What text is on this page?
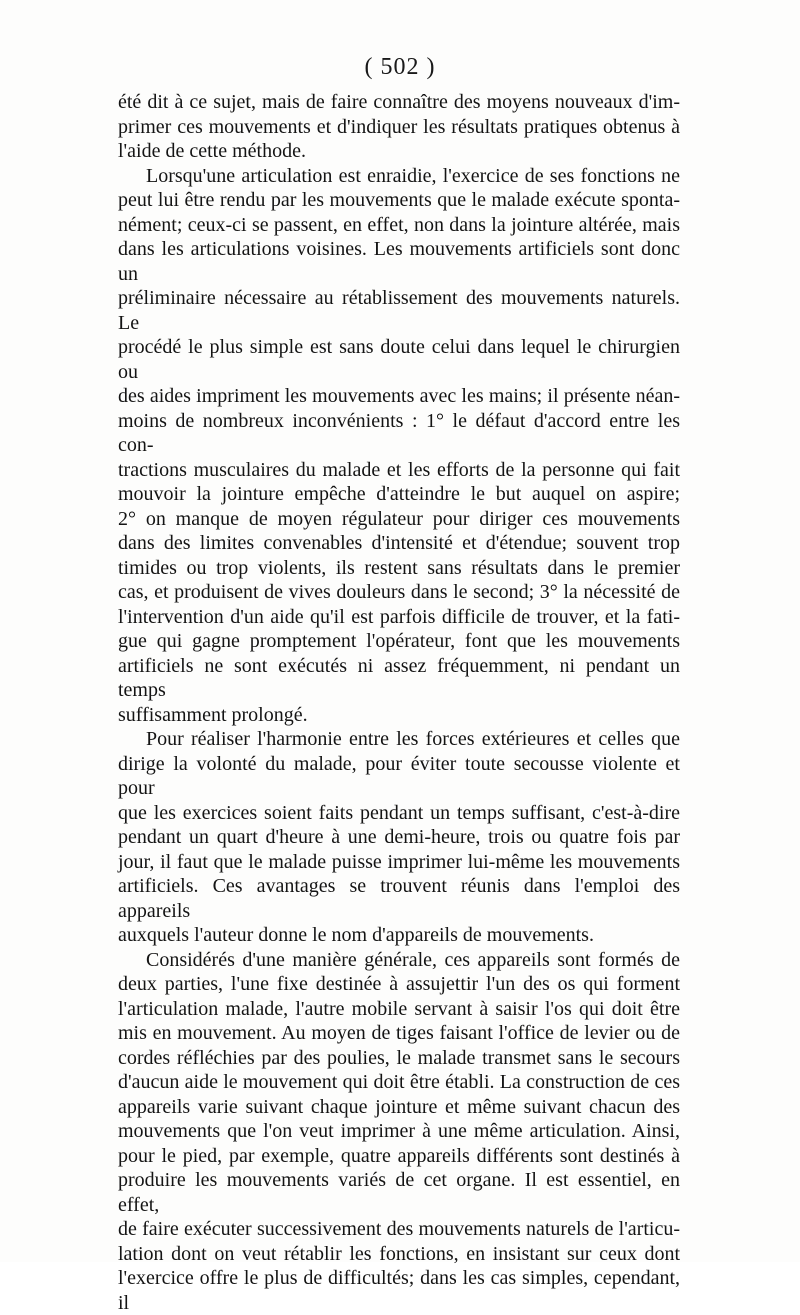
( 502 )

été dit à ce sujet, mais de faire connaître des moyens nouveaux d'im-

primer ces mouvements et d'indiquer les résultats pratiques obtenus à

l'aide de cette méthode.

Lorsqu'une articulation est enraidie, l'exercice de ses fonctions ne

peut lui être rendu par les mouvements que le malade exécute sponta-

nément; ceux-ci se passent, en effet, non dans la jointure altérée, mais

dans les articulations voisines. Les mouvements artificiels sont donc un

préliminaire nécessaire au rétablissement des mouvements naturels. Le

procédé le plus simple est sans doute celui dans lequel le chirurgien ou

des aides impriment les mouvements avec les mains; il présente néan-

moins de nombreux inconvénients : 1° le défaut d'accord entre les con-

tractions musculaires du malade et les efforts de la personne qui fait

mouvoir la jointure empêche d'atteindre le but auquel on aspire;

2° on manque de moyen régulateur pour diriger ces mouvements

dans des limites convenables d'intensité et d'étendue; souvent trop

timides ou trop violents, ils restent sans résultats dans le premier

cas, et produisent de vives douleurs dans le second; 3° la nécessité de

l'intervention d'un aide qu'il est parfois difficile de trouver, et la fati-

gue qui gagne promptement l'opérateur, font que les mouvements

artificiels ne sont exécutés ni assez fréquemment, ni pendant un temps

suffisamment prolongé.

Pour réaliser l'harmonie entre les forces extérieures et celles que

dirige la volonté du malade, pour éviter toute secousse violente et pour

que les exercices soient faits pendant un temps suffisant, c'est-à-dire

pendant un quart d'heure à une demi-heure, trois ou quatre fois par

jour, il faut que le malade puisse imprimer lui-même les mouvements

artificiels. Ces avantages se trouvent réunis dans l'emploi des appareils

auxquels l'auteur donne le nom d'appareils de mouvements.

Considérés d'une manière générale, ces appareils sont formés de

deux parties, l'une fixe destinée à assujettir l'un des os qui forment

l'articulation malade, l'autre mobile servant à saisir l'os qui doit être

mis en mouvement. Au moyen de tiges faisant l'office de levier ou de

cordes réfléchies par des poulies, le malade transmet sans le secours

d'aucun aide le mouvement qui doit être établi. La construction de ces

appareils varie suivant chaque jointure et même suivant chacun des

mouvements que l'on veut imprimer à une même articulation. Ainsi,

pour le pied, par exemple, quatre appareils différents sont destinés à

produire les mouvements variés de cet organe. Il est essentiel, en effet,

de faire exécuter successivement des mouvements naturels de l'articu-

lation dont on veut rétablir les fonctions, en insistant sur ceux dont

l'exercice offre le plus de difficultés; dans les cas simples, cependant, il
